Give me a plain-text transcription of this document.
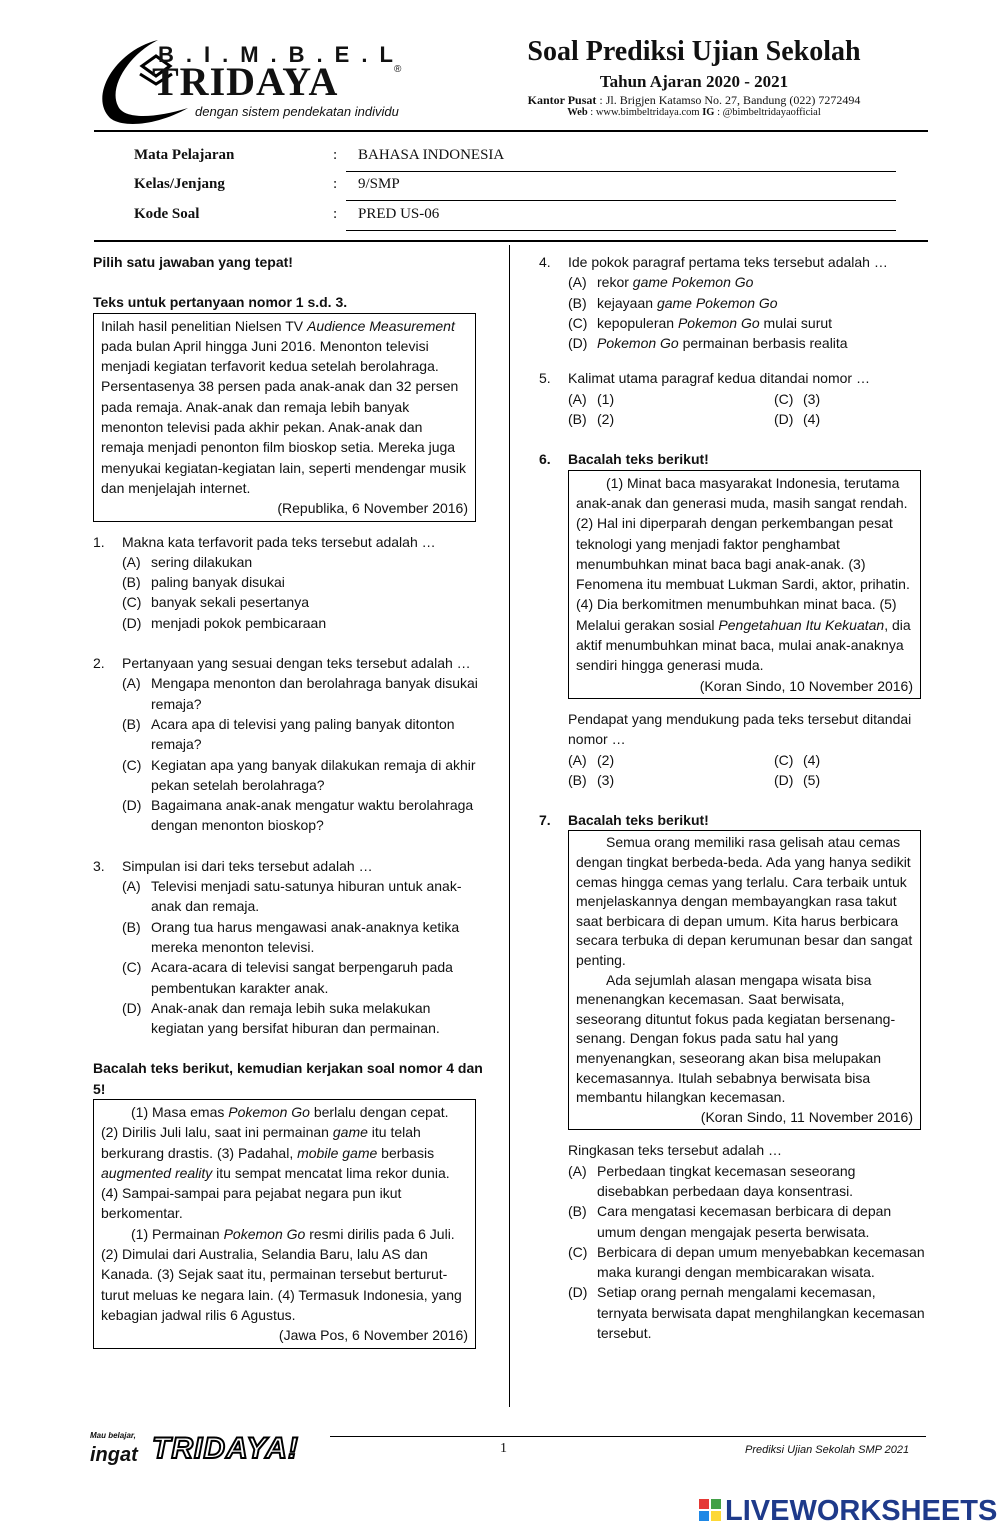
B.I.M.B.E.L
TRIDAYA	®
dengan sistem pendekatan individu
Soal Prediksi Ujian Sekolah
Tahun Ajaran 2020 - 2021
Kantor Pusat : Jl. Brigjen Katamso No. 27, Bandung (022) 7272494
Web : www.bimbeltridaya.com IG : @bimbeltridayaofficial
Mata Pelajaran	: BAHASA INDONESIA
Kelas/Jenjang	: 9/SMP
Kode Soal	: PRED US-06
Pilih satu jawaban yang tepat!
Teks untuk pertanyaan nomor 1 s.d. 3.
Inilah hasil penelitian Nielsen TV Audience Measurement pada bulan April hingga Juni 2016. Menonton televisi menjadi kegiatan terfavorit kedua setelah berolahraga. Persentasenya 38 persen pada anak-anak dan 32 persen pada remaja. Anak-anak dan remaja lebih banyak menonton televisi pada akhir pekan. Anak-anak dan remaja menjadi penonton film bioskop setia. Mereka juga menyukai kegiatan-kegiatan lain, seperti mendengar musik dan menjelajah internet.
(Republika, 6 November 2016)
1.	Makna kata terfavorit pada teks tersebut adalah …
(A) sering dilakukan
(B) paling banyak disukai
(C) banyak sekali pesertanya
(D) menjadi pokok pembicaraan
2.	Pertanyaan yang sesuai dengan teks tersebut adalah …
(A) Mengapa menonton dan berolahraga banyak disukai remaja?
(B) Acara apa di televisi yang paling banyak ditonton remaja?
(C) Kegiatan apa yang banyak dilakukan remaja di akhir pekan setelah berolahraga?
(D) Bagaimana anak-anak mengatur waktu berolahraga dengan menonton bioskop?
3.	Simpulan isi dari teks tersebut adalah …
(A) Televisi menjadi satu-satunya hiburan untuk anak-anak dan remaja.
(B) Orang tua harus mengawasi anak-anaknya ketika mereka menonton televisi.
(C) Acara-acara di televisi sangat berpengaruh pada pembentukan karakter anak.
(D) Anak-anak dan remaja lebih suka melakukan kegiatan yang bersifat hiburan dan permainan.
Bacalah teks berikut, kemudian kerjakan soal nomor 4 dan 5!
(1) Masa emas Pokemon Go berlalu dengan cepat. (2) Dirilis Juli lalu, saat ini permainan game itu telah berkurang drastis. (3) Padahal, mobile game berbasis augmented reality itu sempat mencatat lima rekor dunia. (4) Sampai-sampai para pejabat negara pun ikut berkomentar.
(1) Permainan Pokemon Go resmi dirilis pada 6 Juli. (2) Dimulai dari Australia, Selandia Baru, lalu AS dan Kanada. (3) Sejak saat itu, permainan tersebut berturut-turut meluas ke negara lain. (4) Termasuk Indonesia, yang kebagian jadwal rilis 6 Agustus.
(Jawa Pos, 6 November 2016)
4.	Ide pokok paragraf pertama teks tersebut adalah …
(A) rekor game Pokemon Go
(B) kejayaan game Pokemon Go
(C) kepopuleran Pokemon Go mulai surut
(D) Pokemon Go permainan berbasis realita
5.	Kalimat utama paragraf kedua ditandai nomor …
(A) (1)	(C) (3)
(B) (2)	(D) (4)
6.	Bacalah teks berikut!
(1) Minat baca masyarakat Indonesia, terutama anak-anak dan generasi muda, masih sangat rendah. (2) Hal ini diperparah dengan perkembangan pesat teknologi yang menjadi faktor penghambat menumbuhkan minat baca bagi anak-anak. (3) Fenomena itu membuat Lukman Sardi, aktor, prihatin. (4) Dia berkomitmen menumbuhkan minat baca. (5) Melalui gerakan sosial Pengetahuan Itu Kekuatan, dia aktif menumbuhkan minat baca, mulai anak-anaknya sendiri hingga generasi muda.
(Koran Sindo, 10 November 2016)
Pendapat yang mendukung pada teks tersebut ditandai nomor …
(A) (2)	(C) (4)
(B) (3)	(D) (5)
7.	Bacalah teks berikut!
Semua orang memiliki rasa gelisah atau cemas dengan tingkat berbeda-beda. Ada yang hanya sedikit cemas hingga cemas yang terlalu. Cara terbaik untuk menjelaskannya dengan membayangkan rasa takut saat berbicara di depan umum. Kita harus berbicara secara terbuka di depan kerumunan besar dan sangat penting.
Ada sejumlah alasan mengapa wisata bisa menenangkan kecemasan. Saat berwisata, seseorang dituntut fokus pada kegiatan bersenang-senang. Dengan fokus pada satu hal yang menyenangkan, seseorang akan bisa melupakan kecemasannya. Itulah sebabnya berwisata bisa membantu hilangkan kecemasan.
(Koran Sindo, 11 November 2016)
Ringkasan teks tersebut adalah …
(A) Perbedaan tingkat kecemasan seseorang disebabkan perbedaan daya konsentrasi.
(B) Cara mengatasi kecemasan berbicara di depan umum dengan mengajak peserta berwisata.
(C) Berbicara di depan umum menyebabkan kecemasan maka kurangi dengan membicarakan wisata.
(D) Setiap orang pernah mengalami kecemasan, ternyata berwisata dapat menghilangkan kecemasan tersebut.
Mau belajar,
ingat TRIDAYA!	1	Prediksi Ujian Sekolah SMP 2021
LIVEWORKSHEETS
